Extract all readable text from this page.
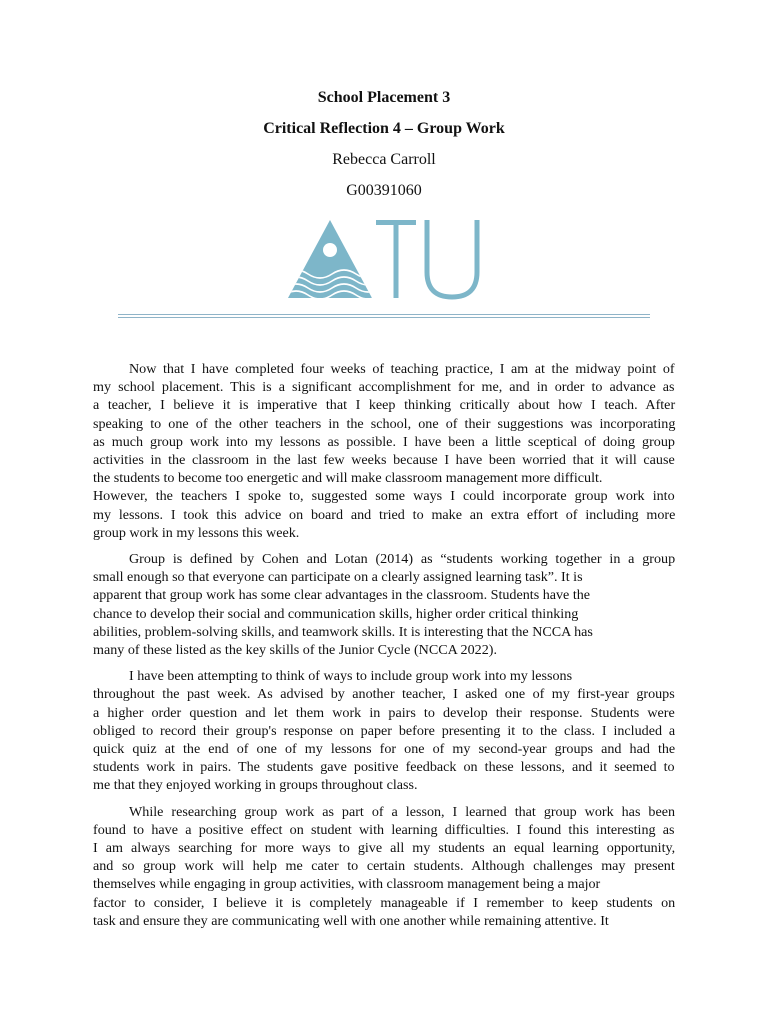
School Placement 3
Critical Reflection 4 – Group Work
Rebecca Carroll
G00391060

Now that I have completed four weeks of teaching practice, I am at the midway point of
my school placement. This is a significant accomplishment for me, and in order to advance as
a teacher, I believe it is imperative that I keep thinking critically about how I teach. After
speaking to one of the other teachers in the school, one of their suggestions was incorporating
as much group work into my lessons as possible. I have been a little sceptical of doing group
activities in the classroom in the last few weeks because I have been worried that it will cause
the students to become too energetic and will make classroom management more difficult.
However, the teachers I spoke to, suggested some ways I could incorporate group work into
my lessons. I took this advice on board and tried to make an extra effort of including more
group work in my lessons this week.

Group is defined by Cohen and Lotan (2014) as “students working together in a group
small enough so that everyone can participate on a clearly assigned learning task”. It is
apparent that group work has some clear advantages in the classroom. Students have the
chance to develop their social and communication skills, higher order critical thinking
abilities, problem-solving skills, and teamwork skills. It is interesting that the NCCA has
many of these listed as the key skills of the Junior Cycle (NCCA 2022).

I have been attempting to think of ways to include group work into my lessons
throughout the past week. As advised by another teacher, I asked one of my first-year groups
a higher order question and let them work in pairs to develop their response. Students were
obliged to record their group's response on paper before presenting it to the class. I included a
quick quiz at the end of one of my lessons for one of my second-year groups and had the
students work in pairs. The students gave positive feedback on these lessons, and it seemed to
me that they enjoyed working in groups throughout class.

While researching group work as part of a lesson, I learned that group work has been
found to have a positive effect on student with learning difficulties. I found this interesting as
I am always searching for more ways to give all my students an equal learning opportunity,
and so group work will help me cater to certain students. Although challenges may present
themselves while engaging in group activities, with classroom management being a major
factor to consider, I believe it is completely manageable if I remember to keep students on
task and ensure they are communicating well with one another while remaining attentive. It
